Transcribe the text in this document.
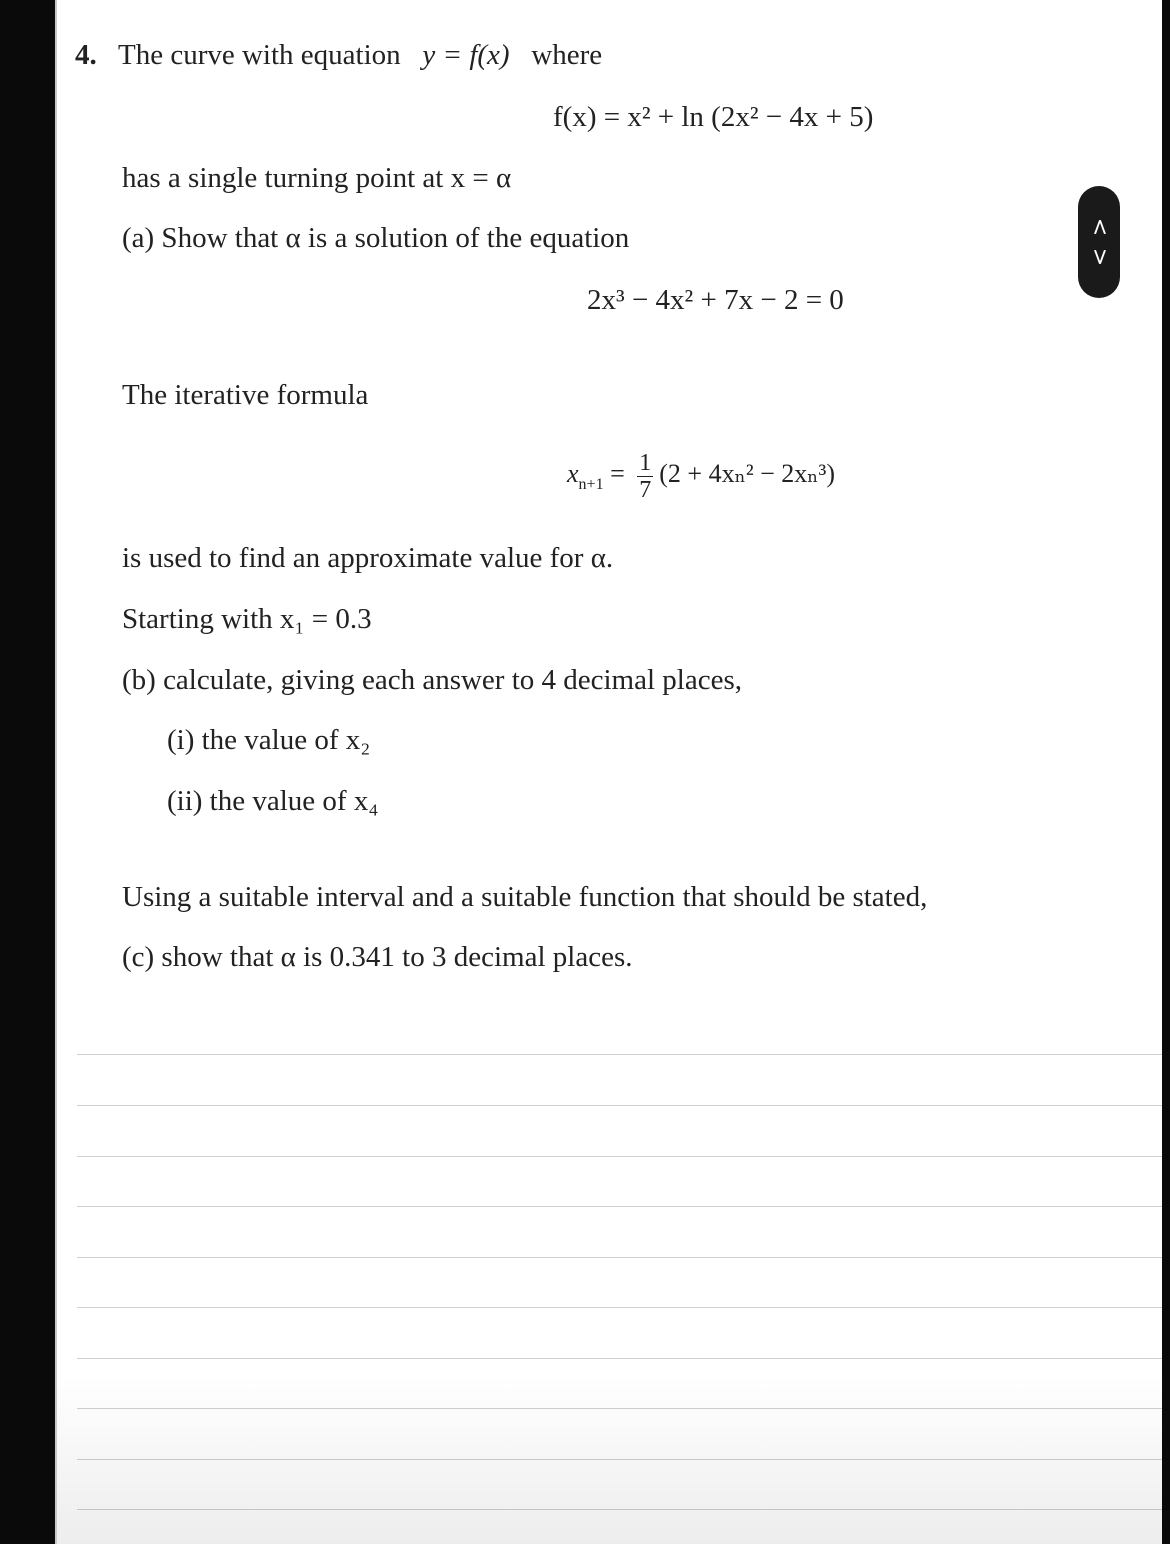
4. The curve with equation y = f(x) where
f(x) = x² + ln (2x² − 4x + 5)
has a single turning point at x = α
(a) Show that α is a solution of the equation
2x³ − 4x² + 7x − 2 = 0
The iterative formula
$x_{n+1} = \frac{1}{7} (2 + 4x_n^2 - 2x_n^3)$
is used to find an approximate value for α.
Starting with x₁ = 0.3
(b) calculate, giving each answer to 4 decimal places,
(i) the value of x₂
(ii) the value of x₄
Using a suitable interval and a suitable function that should be stated,
(c) show that α is 0.341 to 3 decimal places.
<
>
